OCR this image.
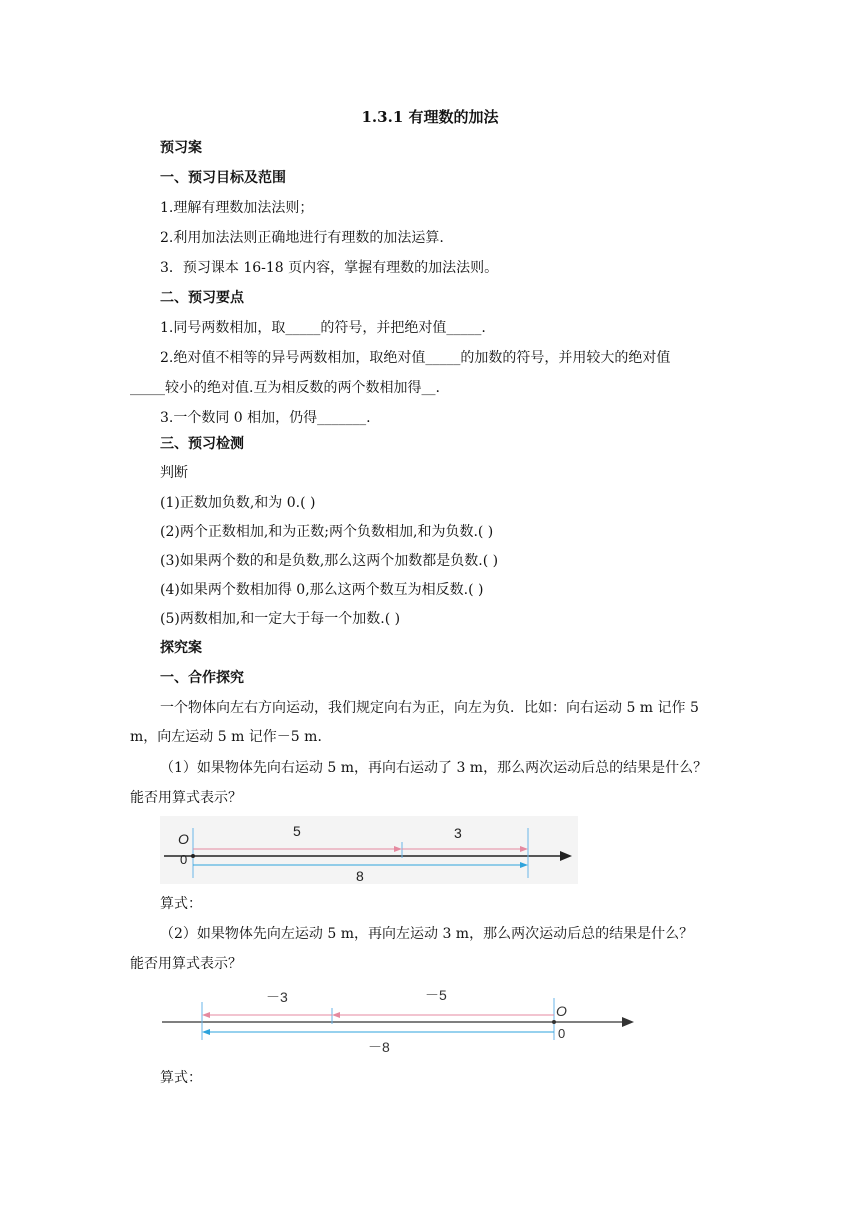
1.3.1 有理数的加法
预习案
一、预习目标及范围
1.理解有理数加法法则；
2.利用加法法则正确地进行有理数的加法运算.
3．预习课本 16-18 页内容，掌握有理数的加法法则。
二、预习要点
1.同号两数相加，取_____的符号，并把绝对值_____.
2.绝对值不相等的异号两数相加，取绝对值_____的加数的符号，并用较大的绝对值
_____较小的绝对值.互为相反数的两个数相加得__.
3.一个数同 0 相加，仍得_______.
三、预习检测
判断
(1)正数加负数,和为 0.( )
(2)两个正数相加,和为正数;两个负数相加,和为负数.( )
(3)如果两个数的和是负数,那么这两个加数都是负数.( )
(4)如果两个数相加得 0,那么这两个数互为相反数.( )
(5)两数相加,和一定大于每一个加数.( )
探究案
一、合作探究
一个物体向左右方向运动，我们规定向右为正，向左为负．比如：向右运动 5 m 记作 5
m，向左运动 5 m 记作－5 m．
（1）如果物体先向右运动 5 m，再向右运动了 3 m，那么两次运动后总的结果是什么？
能否用算式表示？
O
0
5	3
8
算式：
（2）如果物体先向左运动 5 m，再向左运动 3 m，那么两次运动后总的结果是什么？
能否用算式表示？
O
0
－3	－5
－8
算式：
